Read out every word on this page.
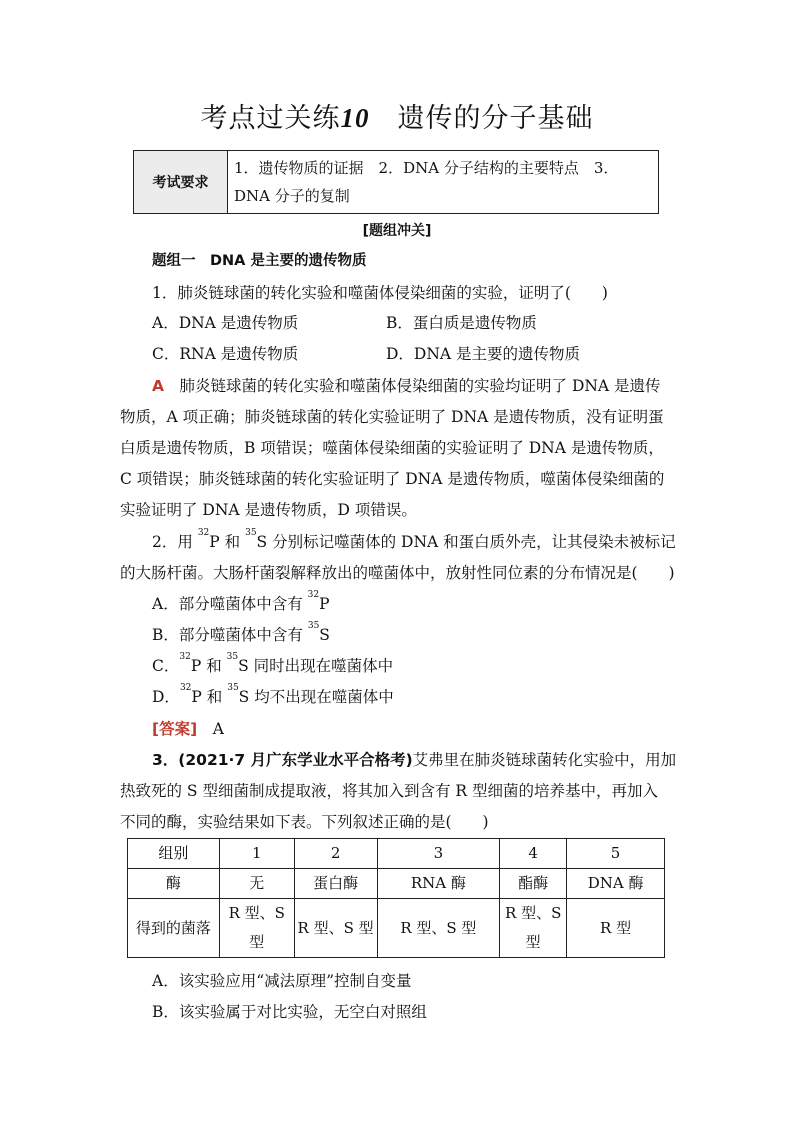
考点过关练10　 遗传的分子基础
考试要求
1．遗传物质的证据　2．DNA 分子结构的主要特点　3．DNA 分子的复制
[题组冲关]
题组一　DNA 是主要的遗传物质
1．肺炎链球菌的转化实验和噬菌体侵染细菌的实验，证明了(　　)
A．DNA 是遗传物质	B．蛋白质是遗传物质
C．RNA 是遗传物质	D．DNA 是主要的遗传物质
A　 肺炎链球菌的转化实验和噬菌体侵染细菌的实验均证明了 DNA 是遗传
物质，A 项正确；肺炎链球菌的转化实验证明了 DNA 是遗传物质，没有证明蛋
白质是遗传物质，B 项错误；噬菌体侵染细菌的实验证明了 DNA 是遗传物质，
C 项错误；肺炎链球菌的转化实验证明了 DNA 是遗传物质，噬菌体侵染细菌的
实验证明了 DNA 是遗传物质，D 项错误。
2．用 $^{32}$P 和 $^{35}$S 分别标记噬菌体的 DNA 和蛋白质外壳，让其侵染未被标记
的大肠杆菌。大肠杆菌裂解释放出的噬菌体中，放射性同位素的分布情况是(　　)
A．部分噬菌体中含有 $^{32}$P
B．部分噬菌体中含有 $^{35}$S
C．$^{32}$P 和 $^{35}$S 同时出现在噬菌体中
D．$^{32}$P 和 $^{35}$S 均不出现在噬菌体中
[答案]　 A
3．(2021·7 月广东学业水平合格考)艾弗里在肺炎链球菌转化实验中，用加
热致死的 S 型细菌制成提取液，将其加入到含有 R 型细菌的培养基中，再加入
不同的酶，实验结果如下表。下列叙述正确的是(　　)
组别	1	2	3	4	5
酶	无	蛋白酶	RNA 酶	酯酶	DNA 酶
得到的菌落	R 型、S 型	R 型、S 型	R 型、S 型	R 型、S 型	R 型
A．该实验应用“减法原理”控制自变量
B．该实验属于对比实验，无空白对照组
